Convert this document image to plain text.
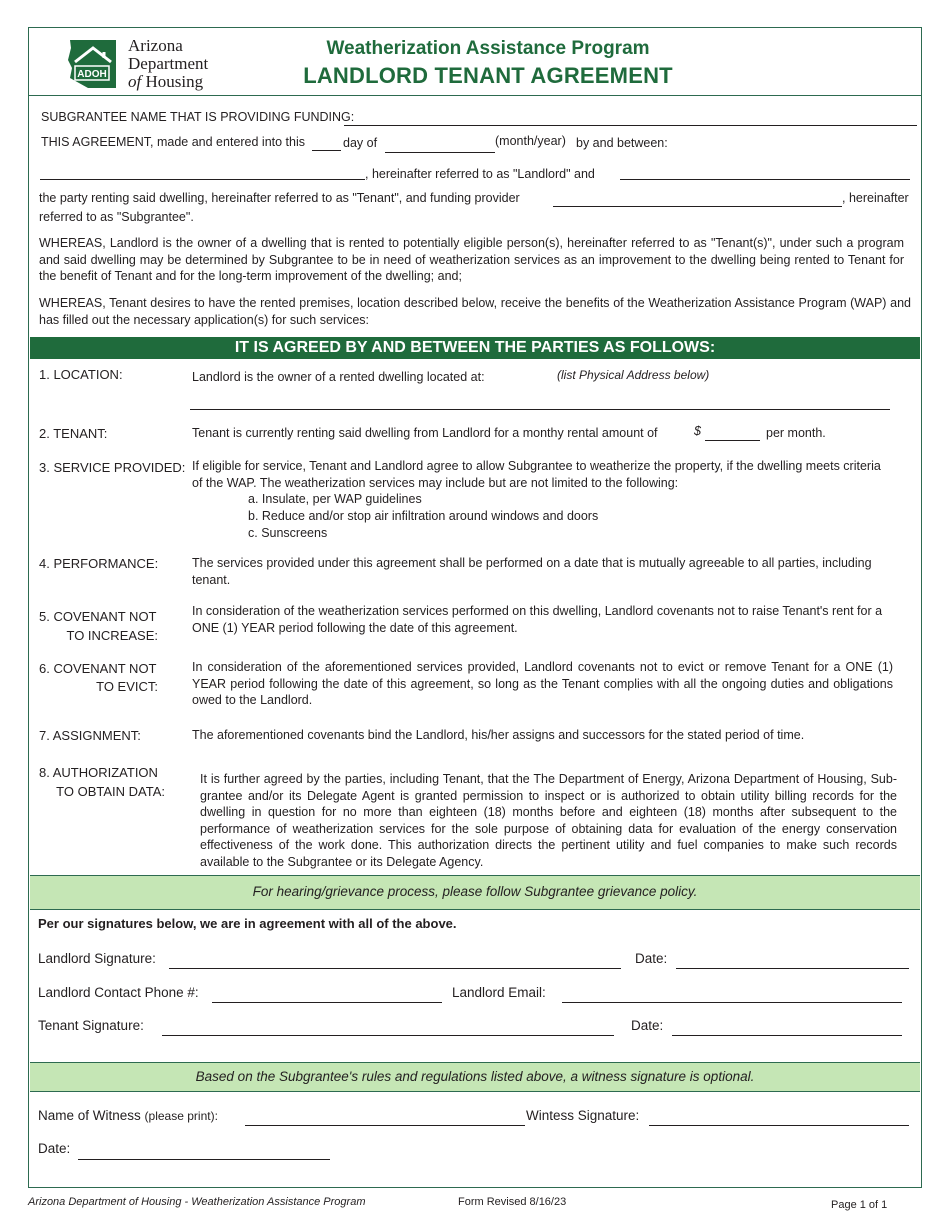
ADOH
Arizona
Department
of Housing
Weatherization Assistance Program
LANDLORD TENANT AGREEMENT
SUBGRANTEE NAME THAT IS PROVIDING FUNDING:
THIS AGREEMENT, made and entered into this	day of	(month/year) by and between:
, hereinafter referred to as "Landlord" and
the party renting said dwelling, hereinafter referred to as "Tenant", and funding provider	, hereinafter
referred to as "Subgrantee".
WHEREAS, Landlord is the owner of a dwelling that is rented to potentially eligible person(s), hereinafter referred to as "Tenant(s)", under such a program and said dwelling may be determined by Subgrantee to be in need of weatherization services as an improvement to the dwelling being rented to Tenant for the benefit of Tenant and for the long-term improvement of the dwelling; and;
WHEREAS, Tenant desires to have the rented premises, location described below, receive the benefits of the Weatherization Assistance Program (WAP) and has filled out the necessary application(s) for such services:
IT IS AGREED BY AND BETWEEN THE PARTIES AS FOLLOWS:
1. LOCATION:	Landlord is the owner of a rented dwelling located at:	(list Physical Address below)
2. TENANT:	Tenant is currently renting said dwelling from Landlord for a monthy rental amount of	$	per month.
3. SERVICE PROVIDED: If eligible for service, Tenant and Landlord agree to allow Subgrantee to weatherize the property, if the dwelling meets criteria of the WAP. The weatherization services may include but are not limited to the following:
a. Insulate, per WAP guidelines
b. Reduce and/or stop air infiltration around windows and doors
c. Sunscreens
4. PERFORMANCE:	The services provided under this agreement shall be performed on a date that is mutually agreeable to all parties, including tenant.
5. COVENANT NOT
TO INCREASE:
In consideration of the weatherization services performed on this dwelling, Landlord covenants not to raise Tenant's rent for a ONE (1) YEAR period following the date of this agreement.
6. COVENANT NOT
TO EVICT:
In consideration of the aforementioned services provided, Landlord covenants not to evict or remove Tenant for a ONE (1) YEAR period following the date of this agreement, so long as the Tenant complies with all the ongoing duties and obligations owed to the Landlord.
7. ASSIGNMENT:	The aforementioned covenants bind the Landlord, his/her assigns and successors for the stated period of time.
8. AUTHORIZATION
TO OBTAIN DATA:
It is further agreed by the parties, including Tenant, that the The Department of Energy, Arizona Department of Housing, Sub-grantee and/or its Delegate Agent is granted permission to inspect or is authorized to obtain utility billing records for the dwelling in question for no more than eighteen (18) months before and eighteen (18) months after subsequent to the performance of weatherization services for the sole purpose of obtaining data for evaluation of the energy conservation effectiveness of the work done. This authorization directs the pertinent utility and fuel companies to make such records available to the Subgrantee or its Delegate Agency.
For hearing/grievance process, please follow Subgrantee grievance policy.
Per our signatures below, we are in agreement with all of the above.
Landlord Signature:	Date:
Landlord Contact Phone #:	Landlord Email:
Tenant Signature:	Date:
Based on the Subgrantee's rules and regulations listed above, a witness signature is optional.
Name of Witness (please print):	Wintess Signature:
Date:
Arizona Department of Housing - Weatherization Assistance Program	Form Revised 8/16/23	Page 1 of 1
